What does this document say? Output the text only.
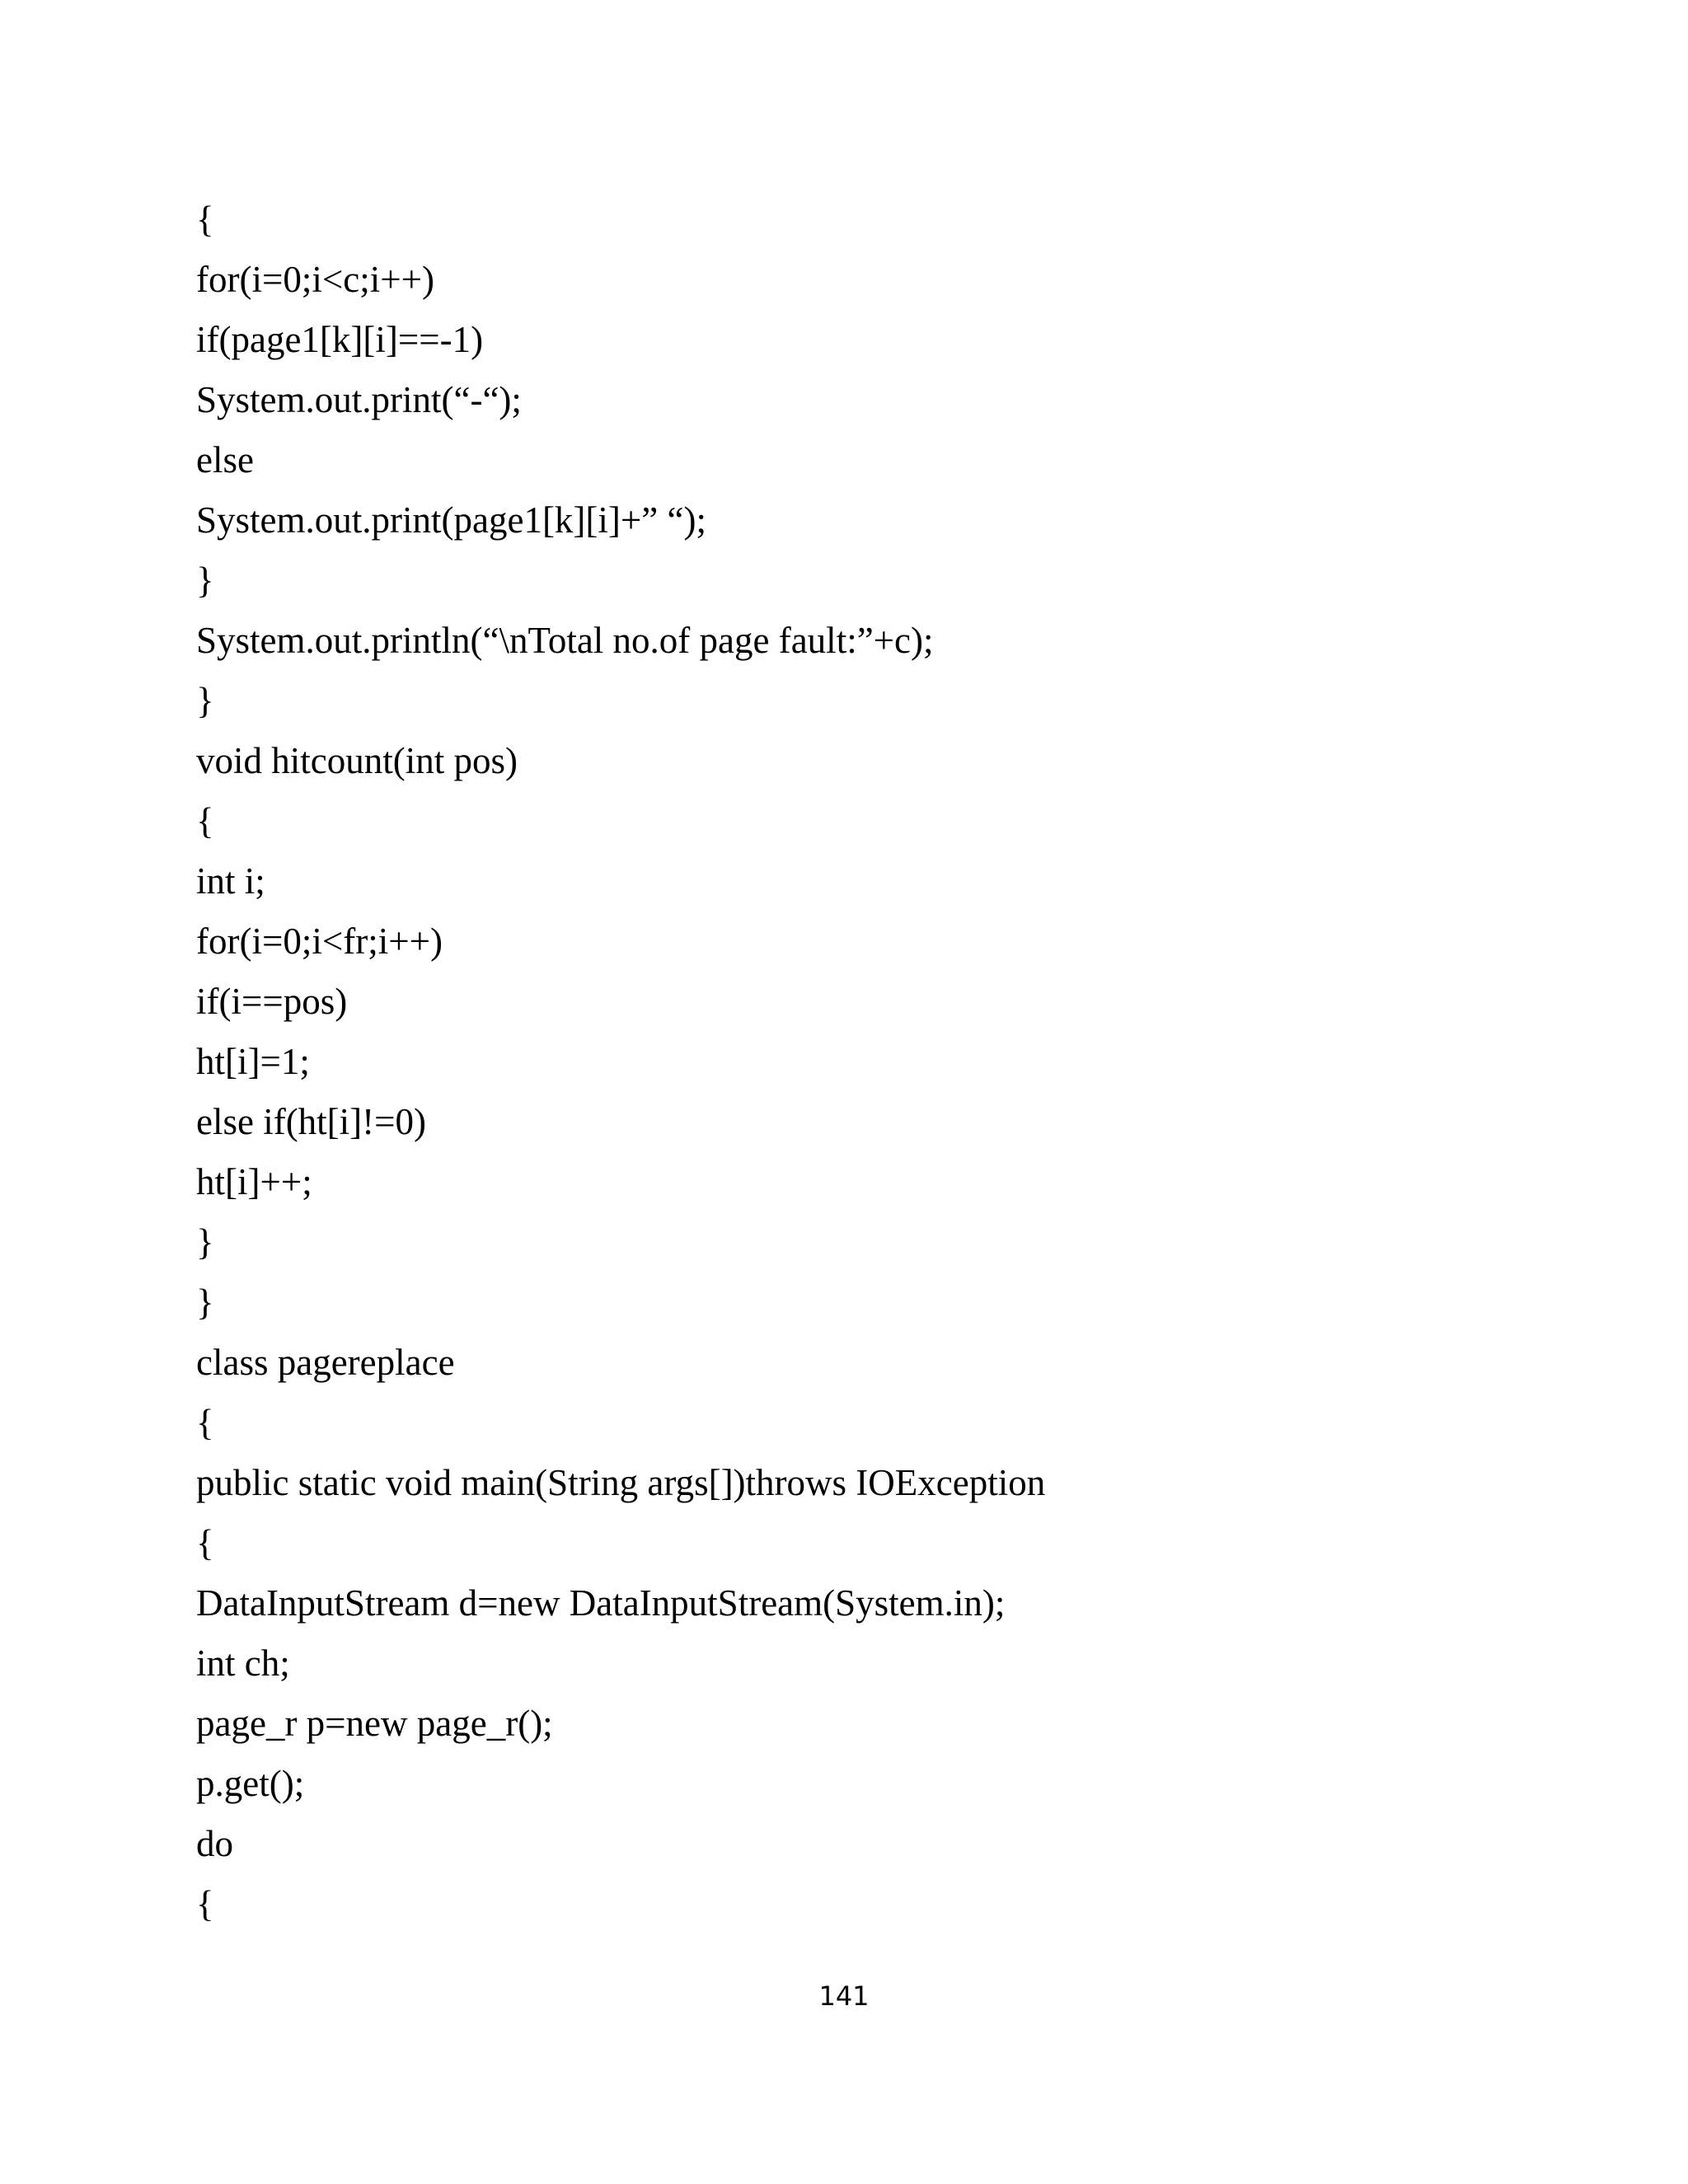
{
for(i=0;i<c;i++)
if(page1[k][i]==-1)
System.out.print(“-“);
else
System.out.print(page1[k][i]+” “);
}
System.out.println(“\nTotal no.of page fault:”+c);
}
void hitcount(int pos)
{
int i;
for(i=0;i<fr;i++)
if(i==pos)
ht[i]=1;
else if(ht[i]!=0)
ht[i]++;
}
}
class pagereplace
{
public static void main(String args[])throws IOException
{
DataInputStream d=new DataInputStream(System.in);
int ch;
page_r p=new page_r();
p.get();
do
{
141
